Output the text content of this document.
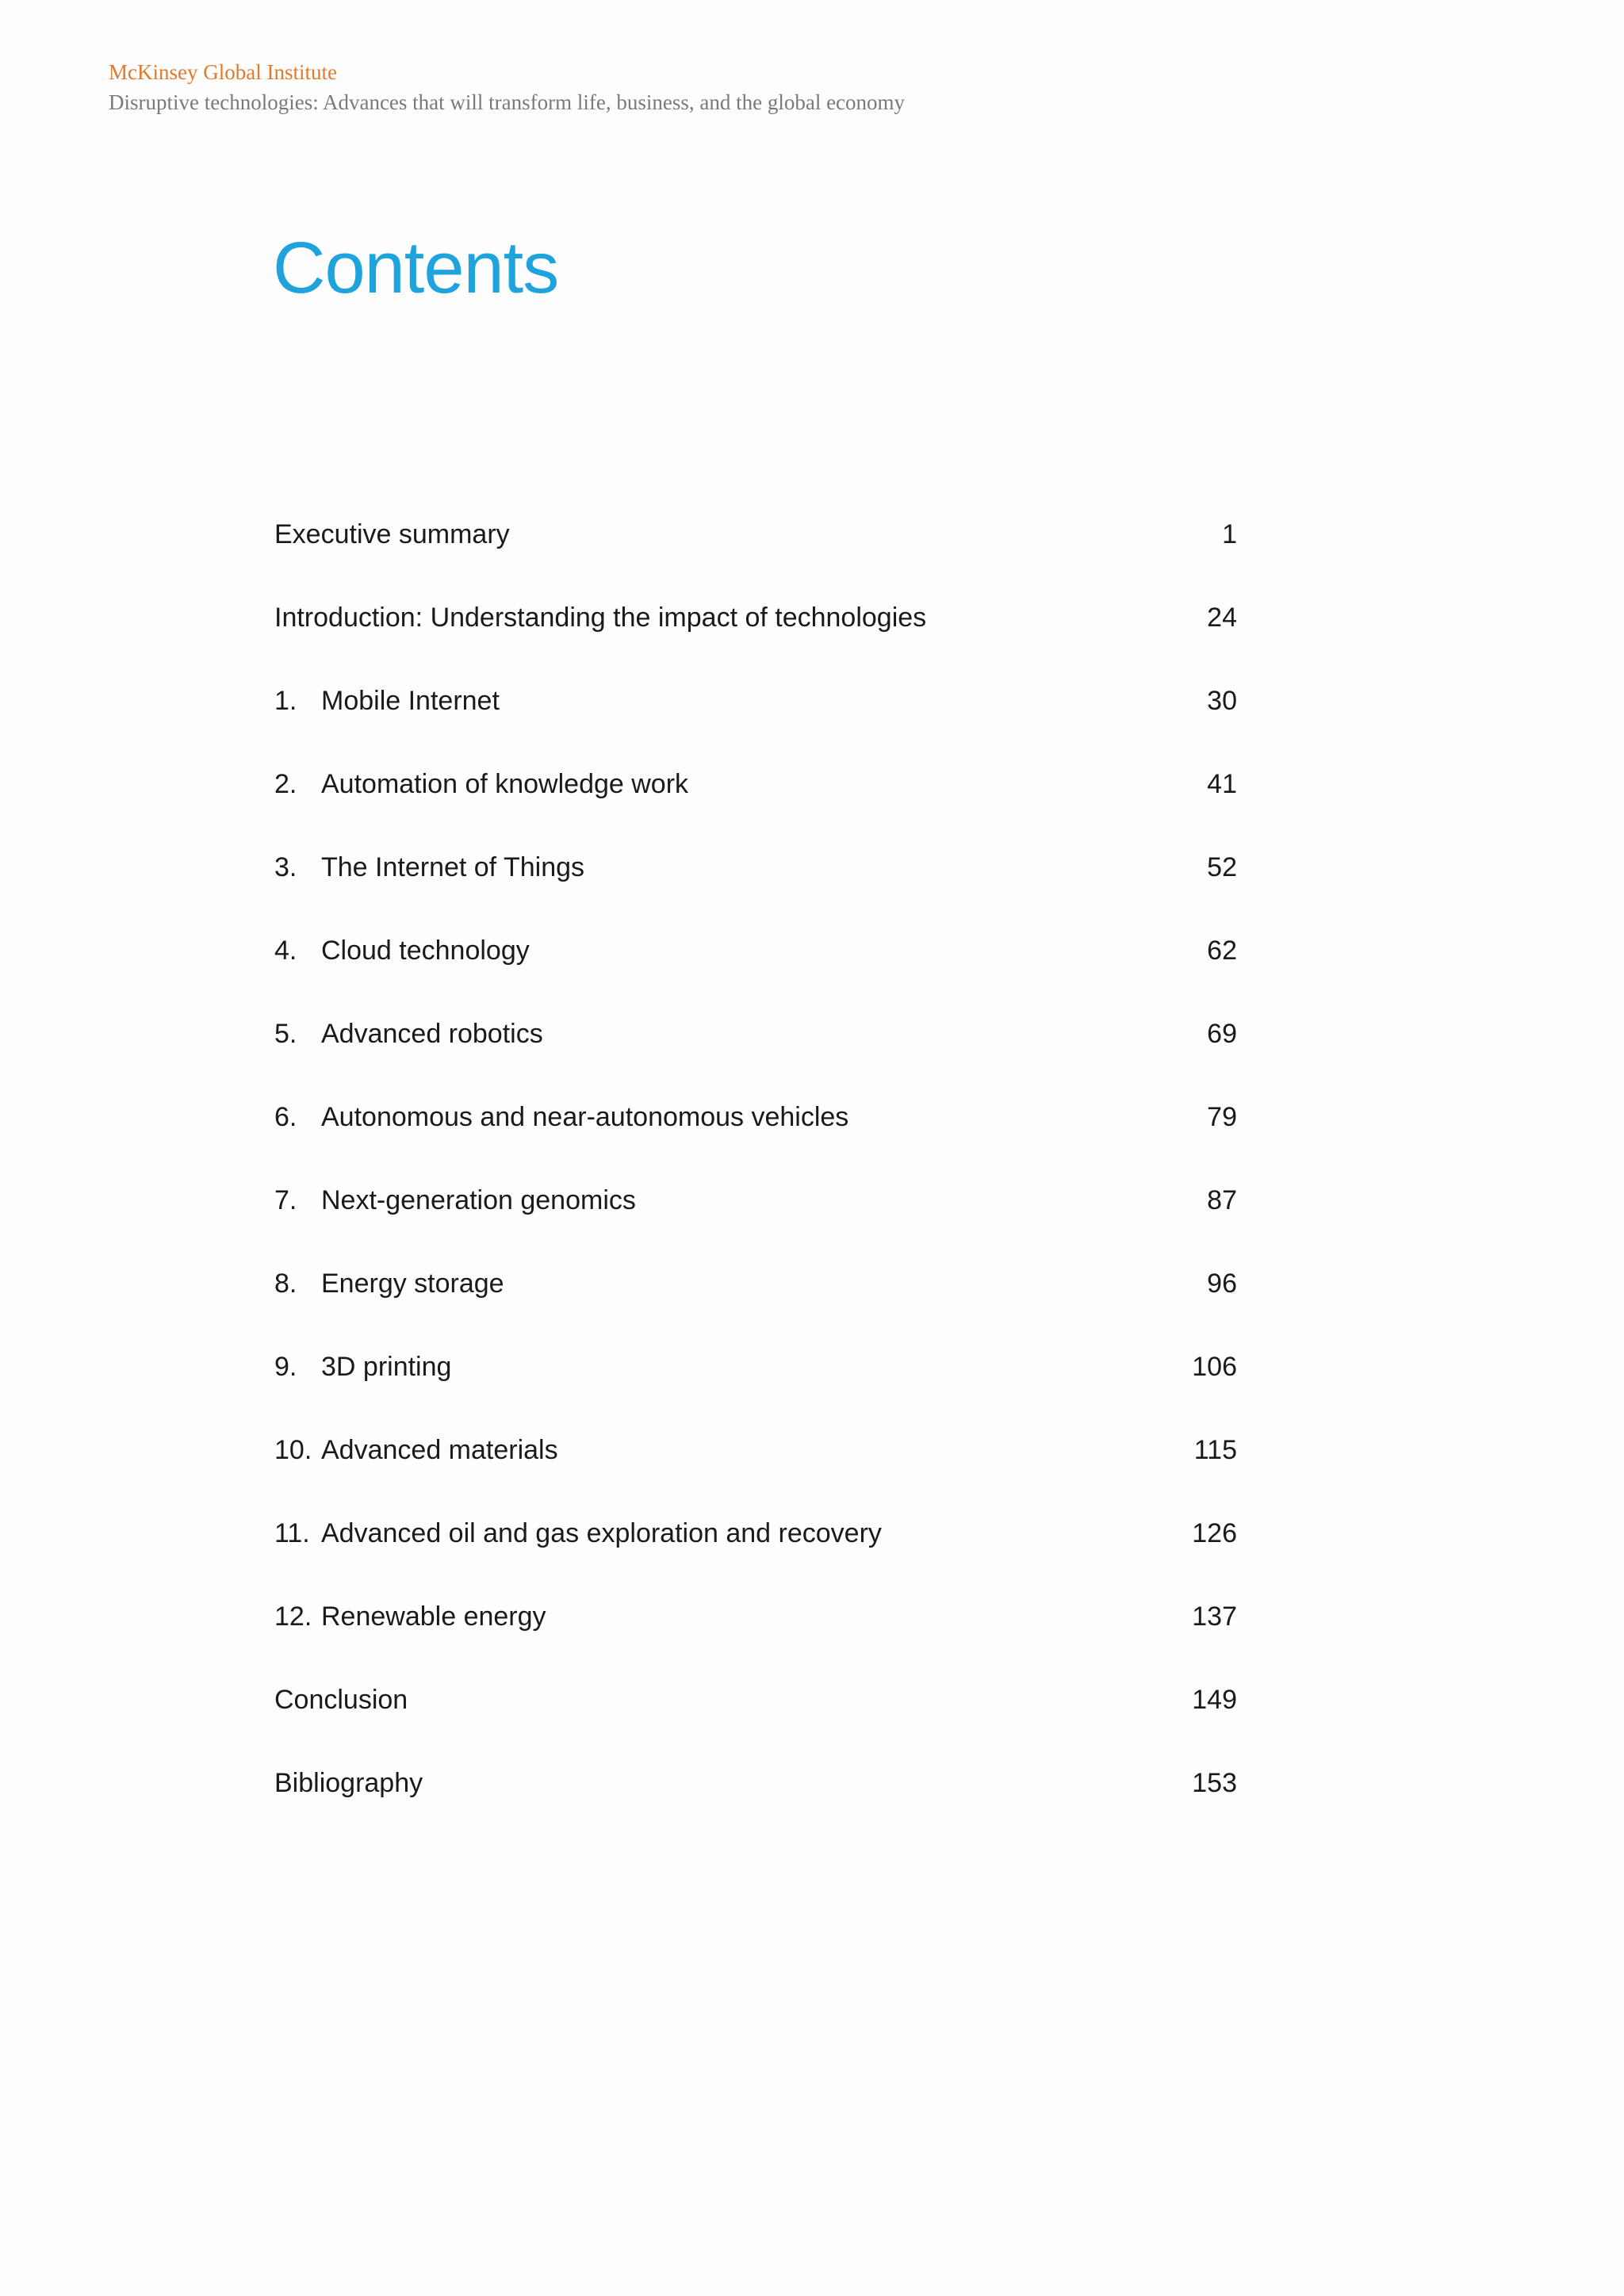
McKinsey Global Institute
Disruptive technologies: Advances that will transform life, business, and the global economy
Contents
Executive summary	1
Introduction: Understanding the impact of technologies	24
1. Mobile Internet	30
2. Automation of knowledge work	41
3. The Internet of Things	52
4. Cloud technology	62
5. Advanced robotics	69
6. Autonomous and near-autonomous vehicles	79
7. Next-generation genomics	87
8. Energy storage	96
9. 3D printing	106
10. Advanced materials	115
11. Advanced oil and gas exploration and recovery	126
12. Renewable energy	137
Conclusion	149
Bibliography	153
